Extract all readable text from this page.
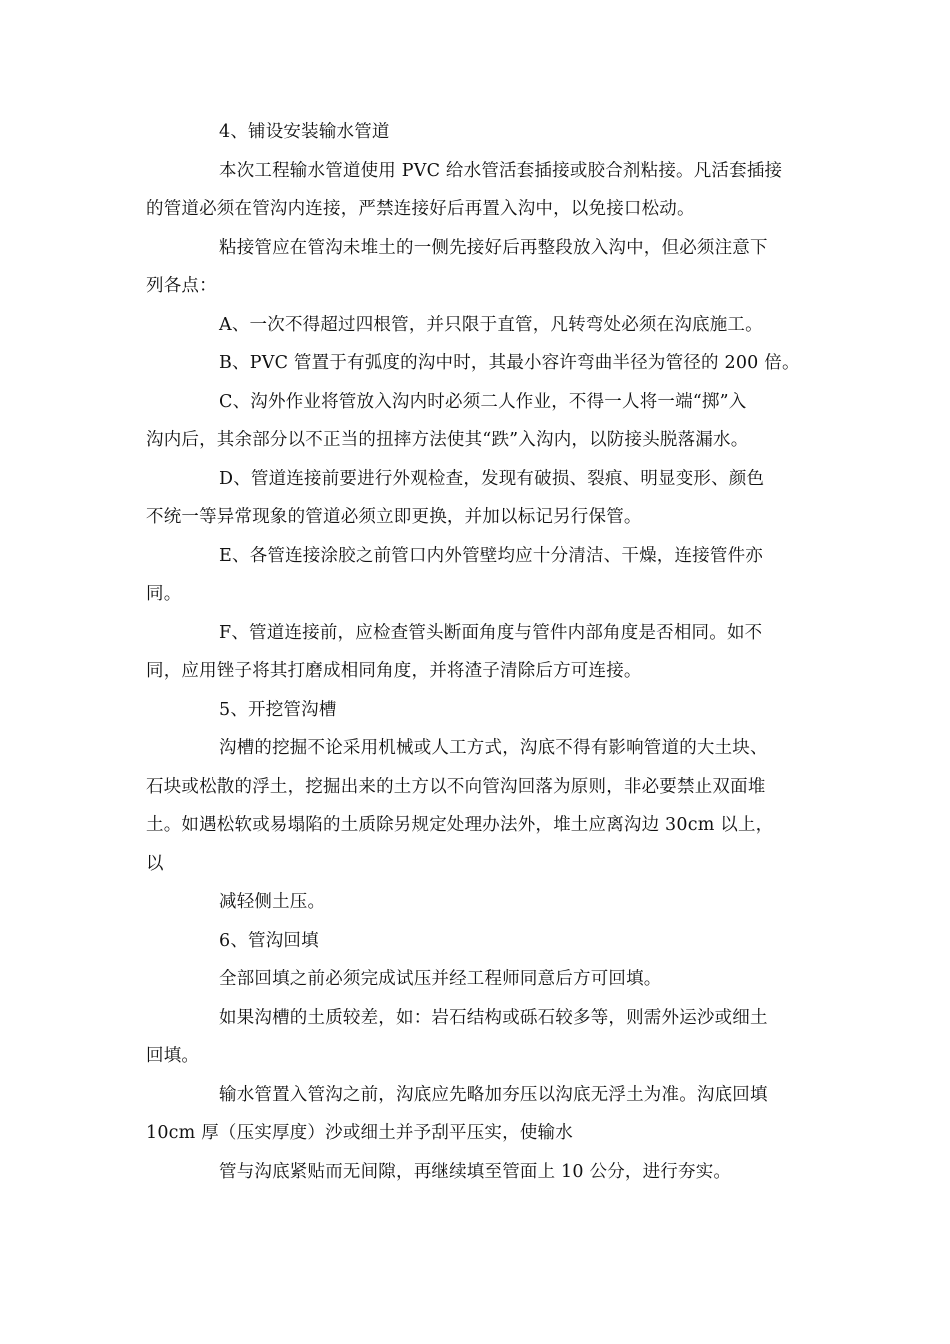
4、铺设安装输水管道
本次工程输水管道使用 PVC 给水管活套插接或胶合剂粘接。凡活套插接
的管道必须在管沟内连接，严禁连接好后再置入沟中，以免接口松动。
粘接管应在管沟未堆土的一侧先接好后再整段放入沟中，但必须注意下
列各点：
A、一次不得超过四根管，并只限于直管，凡转弯处必须在沟底施工。
B、PVC 管置于有弧度的沟中时，其最小容许弯曲半径为管径的 200 倍。
C、沟外作业将管放入沟内时必须二人作业，不得一人将一端“掷”入
沟内后，其余部分以不正当的扭摔方法使其“跌”入沟内，以防接头脱落漏水。
D、管道连接前要进行外观检查，发现有破损、裂痕、明显变形、颜色
不统一等异常现象的管道必须立即更换，并加以标记另行保管。
E、各管连接涂胶之前管口内外管壁均应十分清洁、干燥，连接管件亦
同。
F、管道连接前，应检查管头断面角度与管件内部角度是否相同。如不
同，应用锉子将其打磨成相同角度，并将渣子清除后方可连接。
5、开挖管沟槽
沟槽的挖掘不论采用机械或人工方式，沟底不得有影响管道的大土块、
石块或松散的浮土，挖掘出来的土方以不向管沟回落为原则，非必要禁止双面堆
土。如遇松软或易塌陷的土质除另规定处理办法外，堆土应离沟边 30cm 以上，
以
减轻侧土压。
6、管沟回填
全部回填之前必须完成试压并经工程师同意后方可回填。
如果沟槽的土质较差，如：岩石结构或砾石较多等，则需外运沙或细土
回填。
输水管置入管沟之前，沟底应先略加夯压以沟底无浮土为准。沟底回填
10cm 厚（压实厚度）沙或细土并予刮平压实，使输水
管与沟底紧贴而无间隙，再继续填至管面上 10 公分，进行夯实。
